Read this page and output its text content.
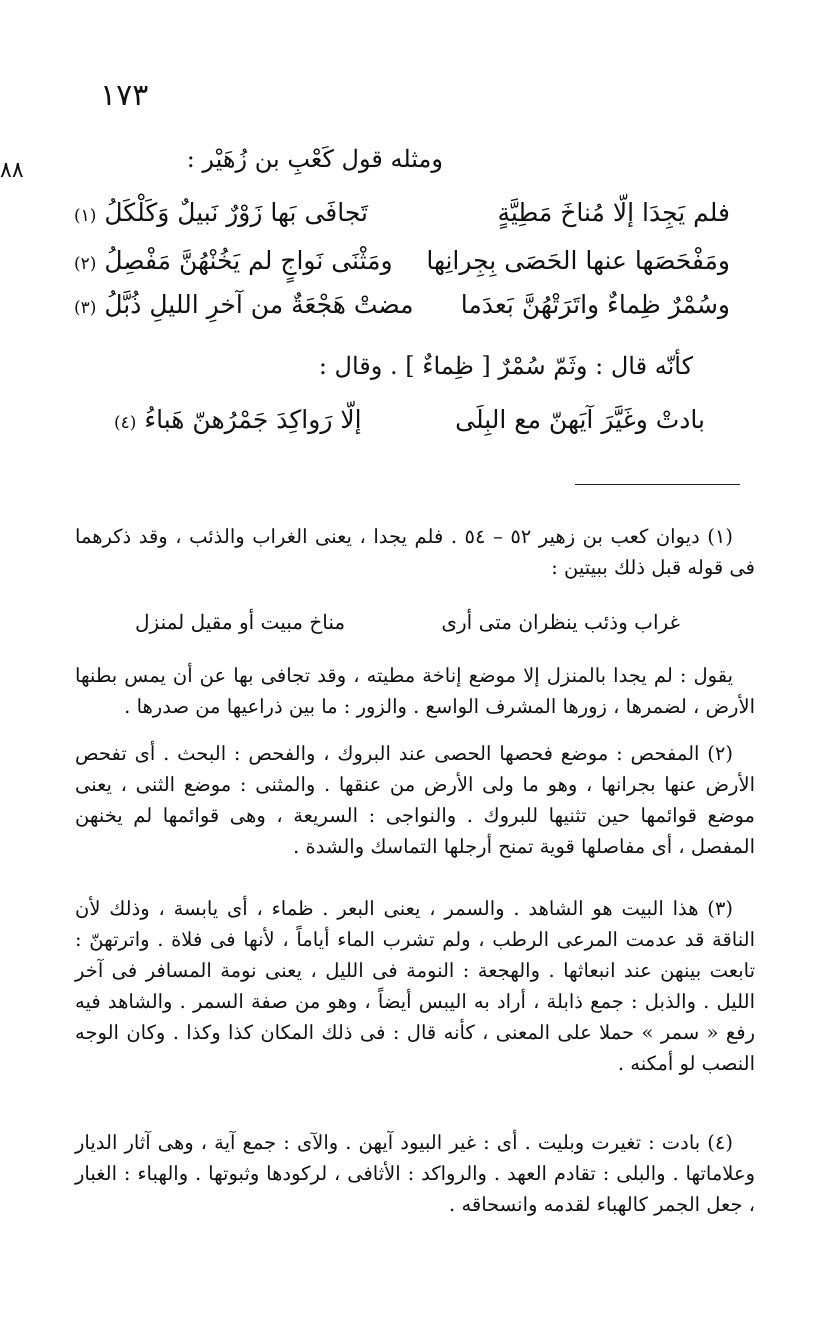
١٧٣
٨٨	ومثله قول كَعْبِ بن زُهَيْر :
فلم يَجِدَا إلّا مُناخَ مَطِيَّةٍ
تَجافَى بَها زَوْرٌ نَبيلٌ وَكَلْكَلُ (١)
ومَفْحَصَها عنها الحَصَى بِجِرانِها
ومَثْنَى نَواجٍ لم يَخُنْهُنَّ مَفْصِلُ (٢)
وسُمْرٌ ظِماءٌ واتَرَتْهُنَّ بَعدَما
مضتْ هَجْعَةٌ من آخرِ الليلِ ذُبَّلُ (٣)
كأنّه قال : وثَمّ سُمْرٌ [ ظِماءٌ ] . وقال :
بادتْ وغَيَّرَ آيَهنّ مع البِلَى
إلّا رَواكِدَ جَمْرُهنّ هَباءُ (٤)

(١) ديوان كعب بن زهير ٥٢ – ٥٤ . فلم يجدا ، يعنى الغراب والذئب ، وقد ذكرهما فى قوله قبل ذلك ببيتين :

غراب وذئب ينظران متى أرى
مناخ مبيت أو مقيل لمنزل

يقول : لم يجدا بالمنزل إلا موضع إناخة مطيته ، وقد تجافى بها عن أن يمس بطنها الأرض ، لضمرها ، زورها المشرف الواسع . والزور : ما بين ذراعيها من صدرها .

(٢) المفحص : موضع فحصها الحصى عند البروك ، والفحص : البحث . أى تفحص الأرض عنها بجرانها ، وهو ما ولى الأرض من عنقها . والمثنى : موضع الثنى ، يعنى موضع قوائمها حين تثنيها للبروك . والنواجى : السريعة ، وهى قوائمها لم يخنهن المفصل ، أى مفاصلها قوية تمنح أرجلها التماسك والشدة .

(٣) هذا البيت هو الشاهد . والسمر ، يعنى البعر . ظماء ، أى يابسة ، وذلك لأن الناقة قد عدمت المرعى الرطب ، ولم تشرب الماء أياماً ، لأنها فى فلاة . واترتهنّ : تابعت بينهن عند انبعاثها . والهجعة : النومة فى الليل ، يعنى نومة المسافر فى آخر الليل . والذبل : جمع ذابلة ، أراد به اليبس أيضاً ، وهو من صفة السمر . والشاهد فيه رفع « سمر » حملا على المعنى ، كأنه قال : فى ذلك المكان كذا وكذا . وكان الوجه النصب لو أمكنه .

(٤) بادت : تغيرت وبليت . أى : غير البيود آيهن . والآى : جمع آية ، وهى آثار الديار وعلاماتها . والبلى : تقادم العهد . والرواكد : الأثافى ، لركودها وثبوتها . والهباء : الغبار ، جعل الجمر كالهباء لقدمه وانسحاقه .
